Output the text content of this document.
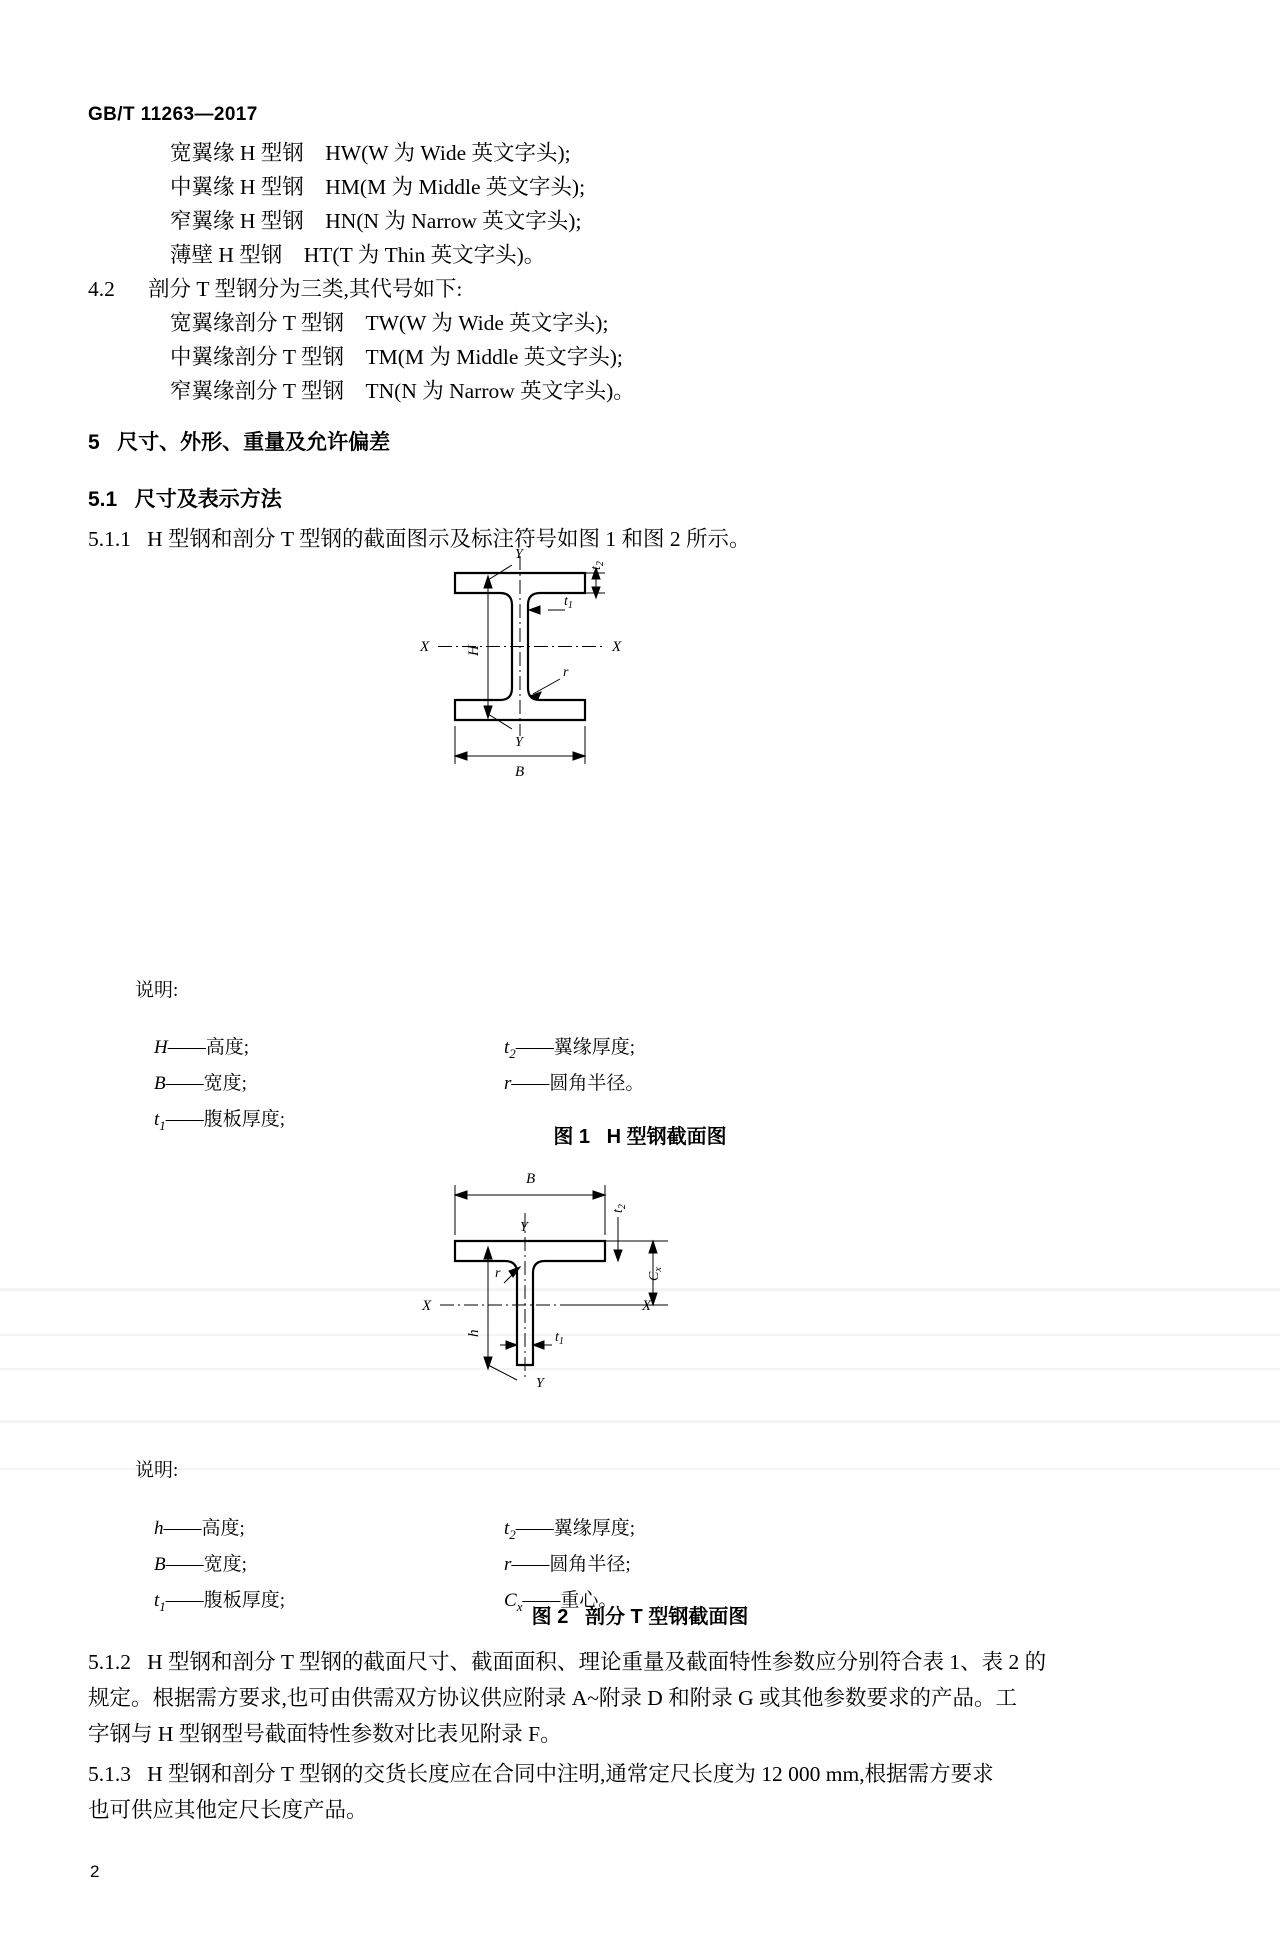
GB/T 11263—2017
宽翼缘 H 型钢    HW(W 为 Wide 英文字头);
中翼缘 H 型钢    HM(M 为 Middle 英文字头);
窄翼缘 H 型钢    HN(N 为 Narrow 英文字头);
薄壁 H 型钢    HT(T 为 Thin 英文字头)。
4.2 剖分 T 型钢分为三类,其代号如下:
宽翼缘剖分 T 型钢    TW(W 为 Wide 英文字头);
中翼缘剖分 T 型钢    TM(M 为 Middle 英文字头);
窄翼缘剖分 T 型钢    TN(N 为 Narrow 英文字头)。
5   尺寸、外形、重量及允许偏差
5.1   尺寸及表示方法
5.1.1   H 型钢和剖分 T 型钢的截面图示及标注符号如图 1 和图 2 所示。
Y
Y
X	X
H
$t_1$
$t_2$
r
B
说明:

H——高度;

B——宽度;

$t_1——$腹板厚度;

$t_2——$翼缘厚度;

r——圆角半径。

图 1   H 型钢截面图
B
Y
Y
X	X
h
$t_2$
$C_x$
$t_1$
r
说明:

h——高度;

B——宽度;

$t_1——$腹板厚度;

$t_2——$翼缘厚度;

r——圆角半径;

$C_x——$重心。

图 2   剖分 T 型钢截面图
5.1.2   H 型钢和剖分 T 型钢的截面尺寸、截面面积、理论重量及截面特性参数应分别符合表 1、表 2 的
规定。根据需方要求,也可由供需双方协议供应附录 A~附录 D 和附录 G 或其他参数要求的产品。工
字钢与 H 型钢型号截面特性参数对比表见附录 F。
5.1.3   H 型钢和剖分 T 型钢的交货长度应在合同中注明,通常定尺长度为 12 000 mm,根据需方要求
也可供应其他定尺长度产品。
2
